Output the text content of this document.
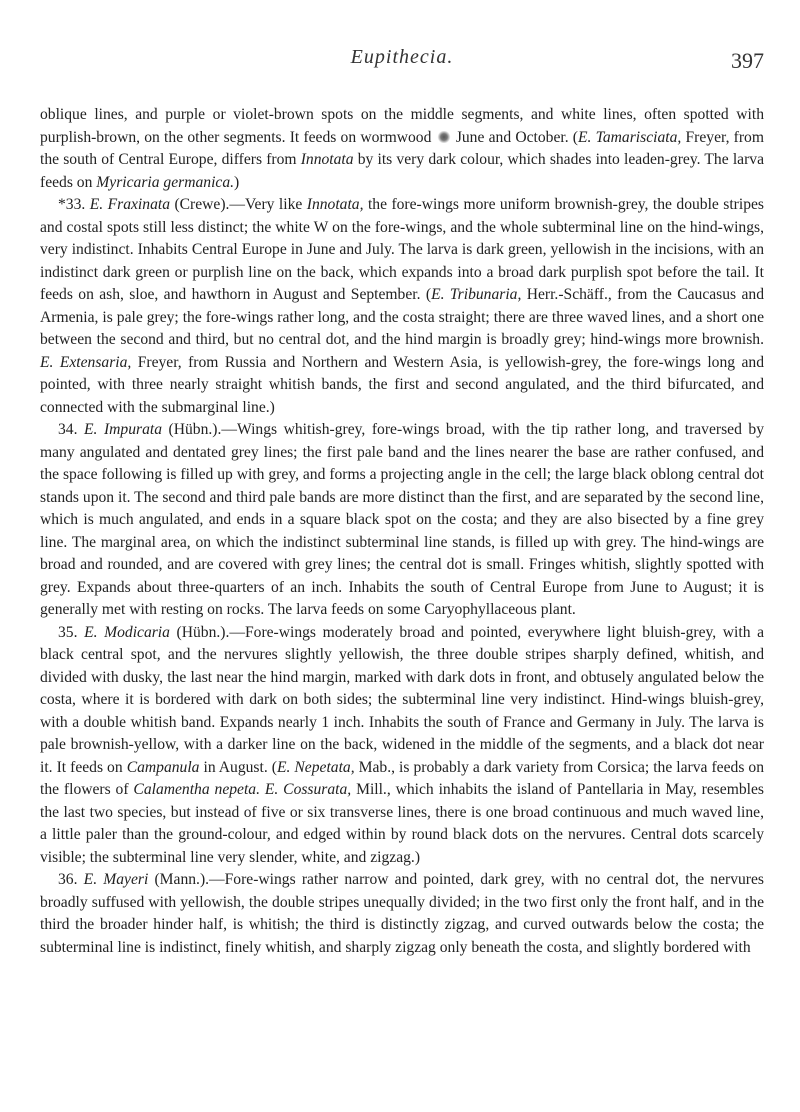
Eupithecia.	397

oblique lines, and purple or violet-brown spots on the middle segments, and white lines, often spotted with purplish-brown, on the other segments. It feeds on wormwood  June and October. (E. Tamarisciata, Freyer, from the south of Central Europe, differs from Innotata by its very dark colour, which shades into leaden-grey. The larva feeds on Myricaria germanica.)

*33. E. Fraxinata (Crewe).—Very like Innotata, the fore-wings more uniform brownish-grey, the double stripes and costal spots still less distinct; the white W on the fore-wings, and the whole subterminal line on the hind-wings, very indistinct. Inhabits Central Europe in June and July. The larva is dark green, yellowish in the incisions, with an indistinct dark green or purplish line on the back, which expands into a broad dark purplish spot before the tail. It feeds on ash, sloe, and hawthorn in August and September. (E. Tribunaria, Herr.-Schäff., from the Caucasus and Armenia, is pale grey; the fore-wings rather long, and the costa straight; there are three waved lines, and a short one between the second and third, but no central dot, and the hind margin is broadly grey; hind-wings more brownish. E. Extensaria, Freyer, from Russia and Northern and Western Asia, is yellowish-grey, the fore-wings long and pointed, with three nearly straight whitish bands, the first and second angulated, and the third bifurcated, and connected with the submarginal line.)

34. E. Impurata (Hübn.).—Wings whitish-grey, fore-wings broad, with the tip rather long, and traversed by many angulated and dentated grey lines; the first pale band and the lines nearer the base are rather confused, and the space following is filled up with grey, and forms a projecting angle in the cell; the large black oblong central dot stands upon it. The second and third pale bands are more distinct than the first, and are separated by the second line, which is much angulated, and ends in a square black spot on the costa; and they are also bisected by a fine grey line. The marginal area, on which the indistinct subterminal line stands, is filled up with grey. The hind-wings are broad and rounded, and are covered with grey lines; the central dot is small. Fringes whitish, slightly spotted with grey. Expands about three-quarters of an inch. Inhabits the south of Central Europe from June to August; it is generally met with resting on rocks. The larva feeds on some Caryophyllaceous plant.

35. E. Modicaria (Hübn.).—Fore-wings moderately broad and pointed, everywhere light bluish-grey, with a black central spot, and the nervures slightly yellowish, the three double stripes sharply defined, whitish, and divided with dusky, the last near the hind margin, marked with dark dots in front, and obtusely angulated below the costa, where it is bordered with dark on both sides; the subterminal line very indistinct. Hind-wings bluish-grey, with a double whitish band. Expands nearly 1 inch. Inhabits the south of France and Germany in July. The larva is pale brownish-yellow, with a darker line on the back, widened in the middle of the segments, and a black dot near it. It feeds on Campanula in August. (E. Nepetata, Mab., is probably a dark variety from Corsica; the larva feeds on the flowers of Calamentha nepeta. E. Cossurata, Mill., which inhabits the island of Pantellaria in May, resembles the last two species, but instead of five or six transverse lines, there is one broad continuous and much waved line, a little paler than the ground-colour, and edged within by round black dots on the nervures. Central dots scarcely visible; the subterminal line very slender, white, and zigzag.)

36. E. Mayeri (Mann.).—Fore-wings rather narrow and pointed, dark grey, with no central dot, the nervures broadly suffused with yellowish, the double stripes unequally divided; in the two first only the front half, and in the third the broader hinder half, is whitish; the third is distinctly zigzag, and curved outwards below the costa; the subterminal line is indistinct, finely whitish, and sharply zigzag only beneath the costa, and slightly bordered with
